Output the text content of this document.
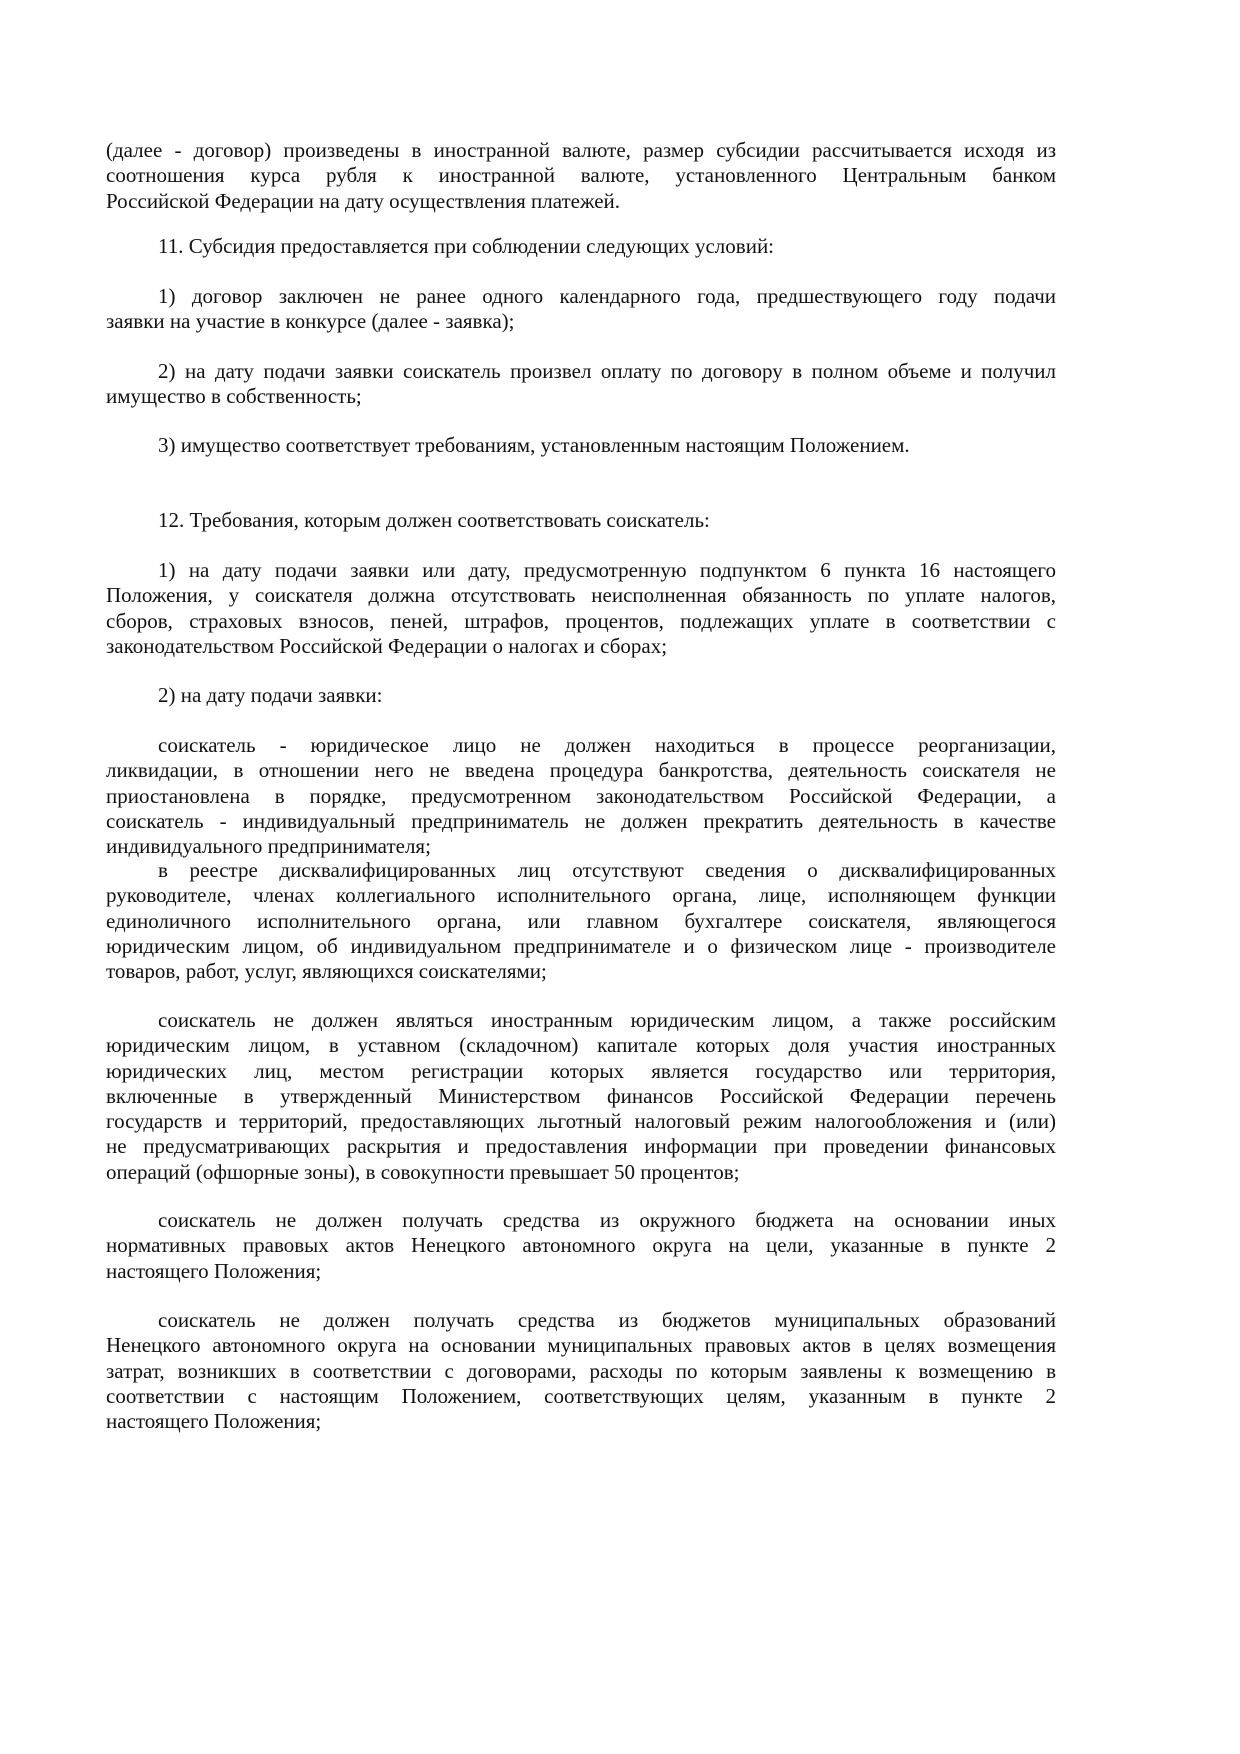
(далее - договор) произведены в иностранной валюте, размер субсидии рассчитывается исходя из
соотношения курса рубля к иностранной валюте, установленного Центральным банком
Российской Федерации на дату осуществления платежей.
11. Субсидия предоставляется при соблюдении следующих условий:
1) договор заключен не ранее одного календарного года, предшествующего году подачи
заявки на участие в конкурсе (далее - заявка);
2) на дату подачи заявки соискатель произвел оплату по договору в полном объеме и получил
имущество в собственность;
3) имущество соответствует требованиям, установленным настоящим Положением.
12. Требования, которым должен соответствовать соискатель:
1) на дату подачи заявки или дату, предусмотренную подпунктом 6 пункта 16 настоящего
Положения, у соискателя должна отсутствовать неисполненная обязанность по уплате налогов,
сборов, страховых взносов, пеней, штрафов, процентов, подлежащих уплате в соответствии с
законодательством Российской Федерации о налогах и сборах;
2) на дату подачи заявки:
соискатель - юридическое лицо не должен находиться в процессе реорганизации,
ликвидации, в отношении него не введена процедура банкротства, деятельность соискателя не
приостановлена в порядке, предусмотренном законодательством Российской Федерации, а
соискатель - индивидуальный предприниматель не должен прекратить деятельность в качестве
индивидуального предпринимателя;
в реестре дисквалифицированных лиц отсутствуют сведения о дисквалифицированных
руководителе, членах коллегиального исполнительного органа, лице, исполняющем функции
единоличного исполнительного органа, или главном бухгалтере соискателя, являющегося
юридическим лицом, об индивидуальном предпринимателе и о физическом лице - производителе
товаров, работ, услуг, являющихся соискателями;
соискатель не должен являться иностранным юридическим лицом, а также российским
юридическим лицом, в уставном (складочном) капитале которых доля участия иностранных
юридических лиц, местом регистрации которых является государство или территория,
включенные в утвержденный Министерством финансов Российской Федерации перечень
государств и территорий, предоставляющих льготный налоговый режим налогообложения и (или)
не предусматривающих раскрытия и предоставления информации при проведении финансовых
операций (офшорные зоны), в совокупности превышает 50 процентов;
соискатель не должен получать средства из окружного бюджета на основании иных
нормативных правовых актов Ненецкого автономного округа на цели, указанные в пункте 2
настоящего Положения;
соискатель не должен получать средства из бюджетов муниципальных образований
Ненецкого автономного округа на основании муниципальных правовых актов в целях возмещения
затрат, возникших в соответствии с договорами, расходы по которым заявлены к возмещению в
соответствии с настоящим Положением, соответствующих целям, указанным в пункте 2
настоящего Положения;
